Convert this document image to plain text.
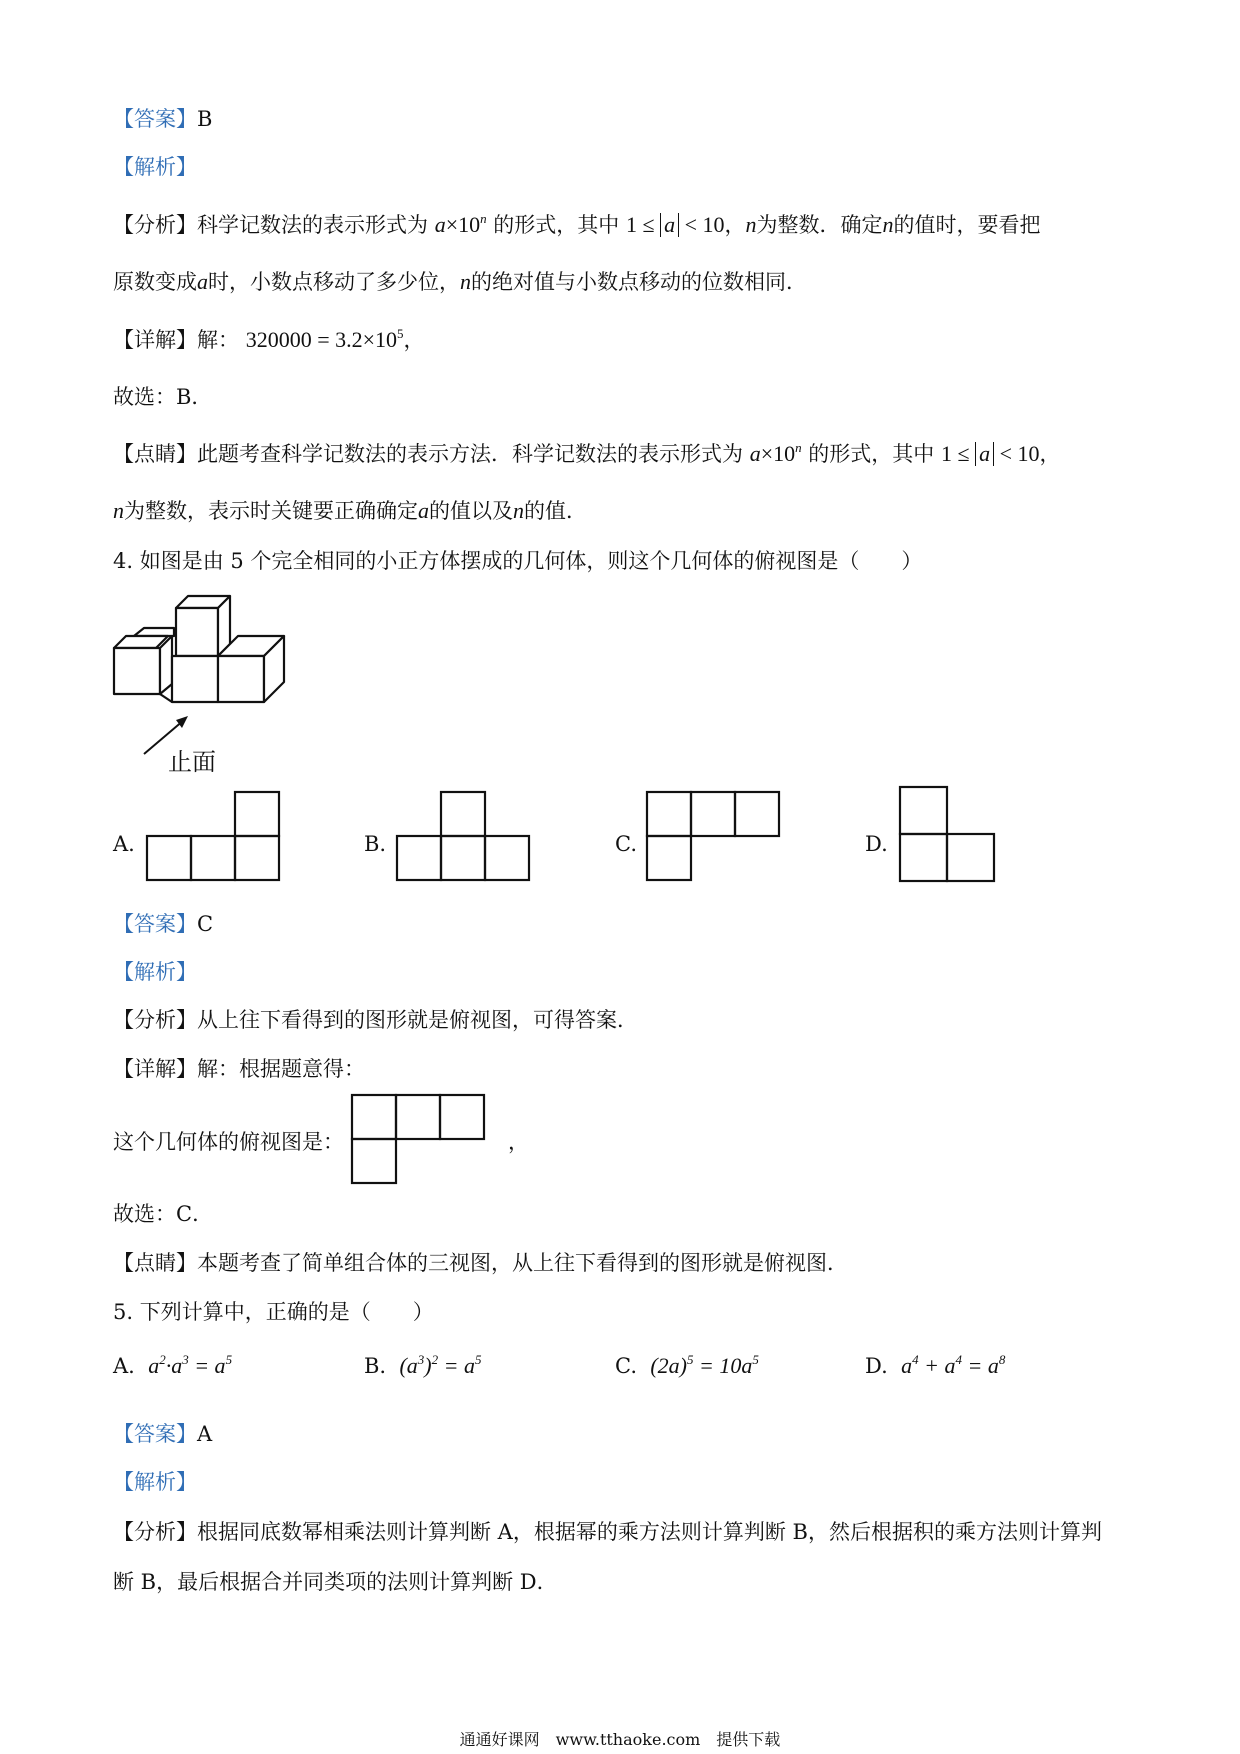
【答案】B
【解析】
【分析】科学记数法的表示形式为 $a\times 10^n$ 的形式，其中 1 ≤ a < 10，n为整数．确定n的值时，要看把
原数变成a时，小数点移动了多少位，n的绝对值与小数点移动的位数相同．
【详解】解： $320000 = 3.2\times 10^5$，
故选：B．
【点睛】此题考查科学记数法的表示方法．科学记数法的表示形式为 $a\times 10^n$ 的形式，其中 1 ≤ a < 10，
n为整数，表示时关键要正确确定a的值以及n的值．
4. 如图是由 5 个完全相同的小正方体摆成的几何体，则这个几何体的俯视图是（　　）
止面
A.	B.	C.	D.
【答案】C
【解析】
【分析】从上往下看得到的图形就是俯视图，可得答案．
【详解】解：根据题意得：
这个几何体的俯视图是：	，
故选：C．
【点睛】本题考查了简单组合体的三视图，从上往下看得到的图形就是俯视图．
5. 下列计算中，正确的是（　　）
A. $a^2\cdot a^3 = a^5$	B. $(a^3)^2 = a^5$	C. $(2a)^5 = 10a^5$	D. $a^4 + a^4 = a^8$
【答案】A
【解析】
【分析】根据同底数幂相乘法则计算判断 A，根据幂的乘方法则计算判断 B，然后根据积的乘方法则计算判
断 B，最后根据合并同类项的法则计算判断 D．
通通好课网　www.tthaoke.com　提供下载
